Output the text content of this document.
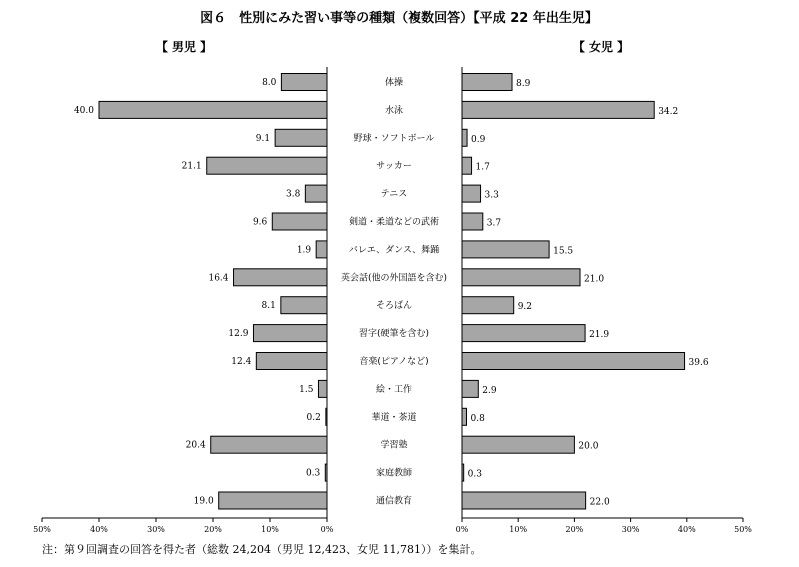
図６　性別にみた習い事等の種類（複数回答）【平成 22 年出生児】
【 男児 】	【 女児 】
0%	0%
10%	10%
20%	20%
30%	30%
40%	40%
50%	50%
体操
8.0	8.9
水泳
40.0	34.2
野球・ソフトボール
9.1	0.9
サッカー
21.1	1.7
テニス
3.8	3.3
剣道・柔道などの武術
9.6	3.7
バレエ、ダンス、舞踊
1.9	15.5
英会話(他の外国語を含む)
16.4	21.0
そろばん
8.1	9.2
習字(硬筆を含む)
12.9	21.9
音楽(ピアノなど)
12.4	39.6
絵・工作
1.5	2.9
華道・茶道
0.2	0.8
学習塾
20.4	20.0
家庭教師
0.3	0.3
通信教育
19.0	22.0
注：第９回調査の回答を得た者（総数 24,204（男児 12,423、女児 11,781））を集計。
